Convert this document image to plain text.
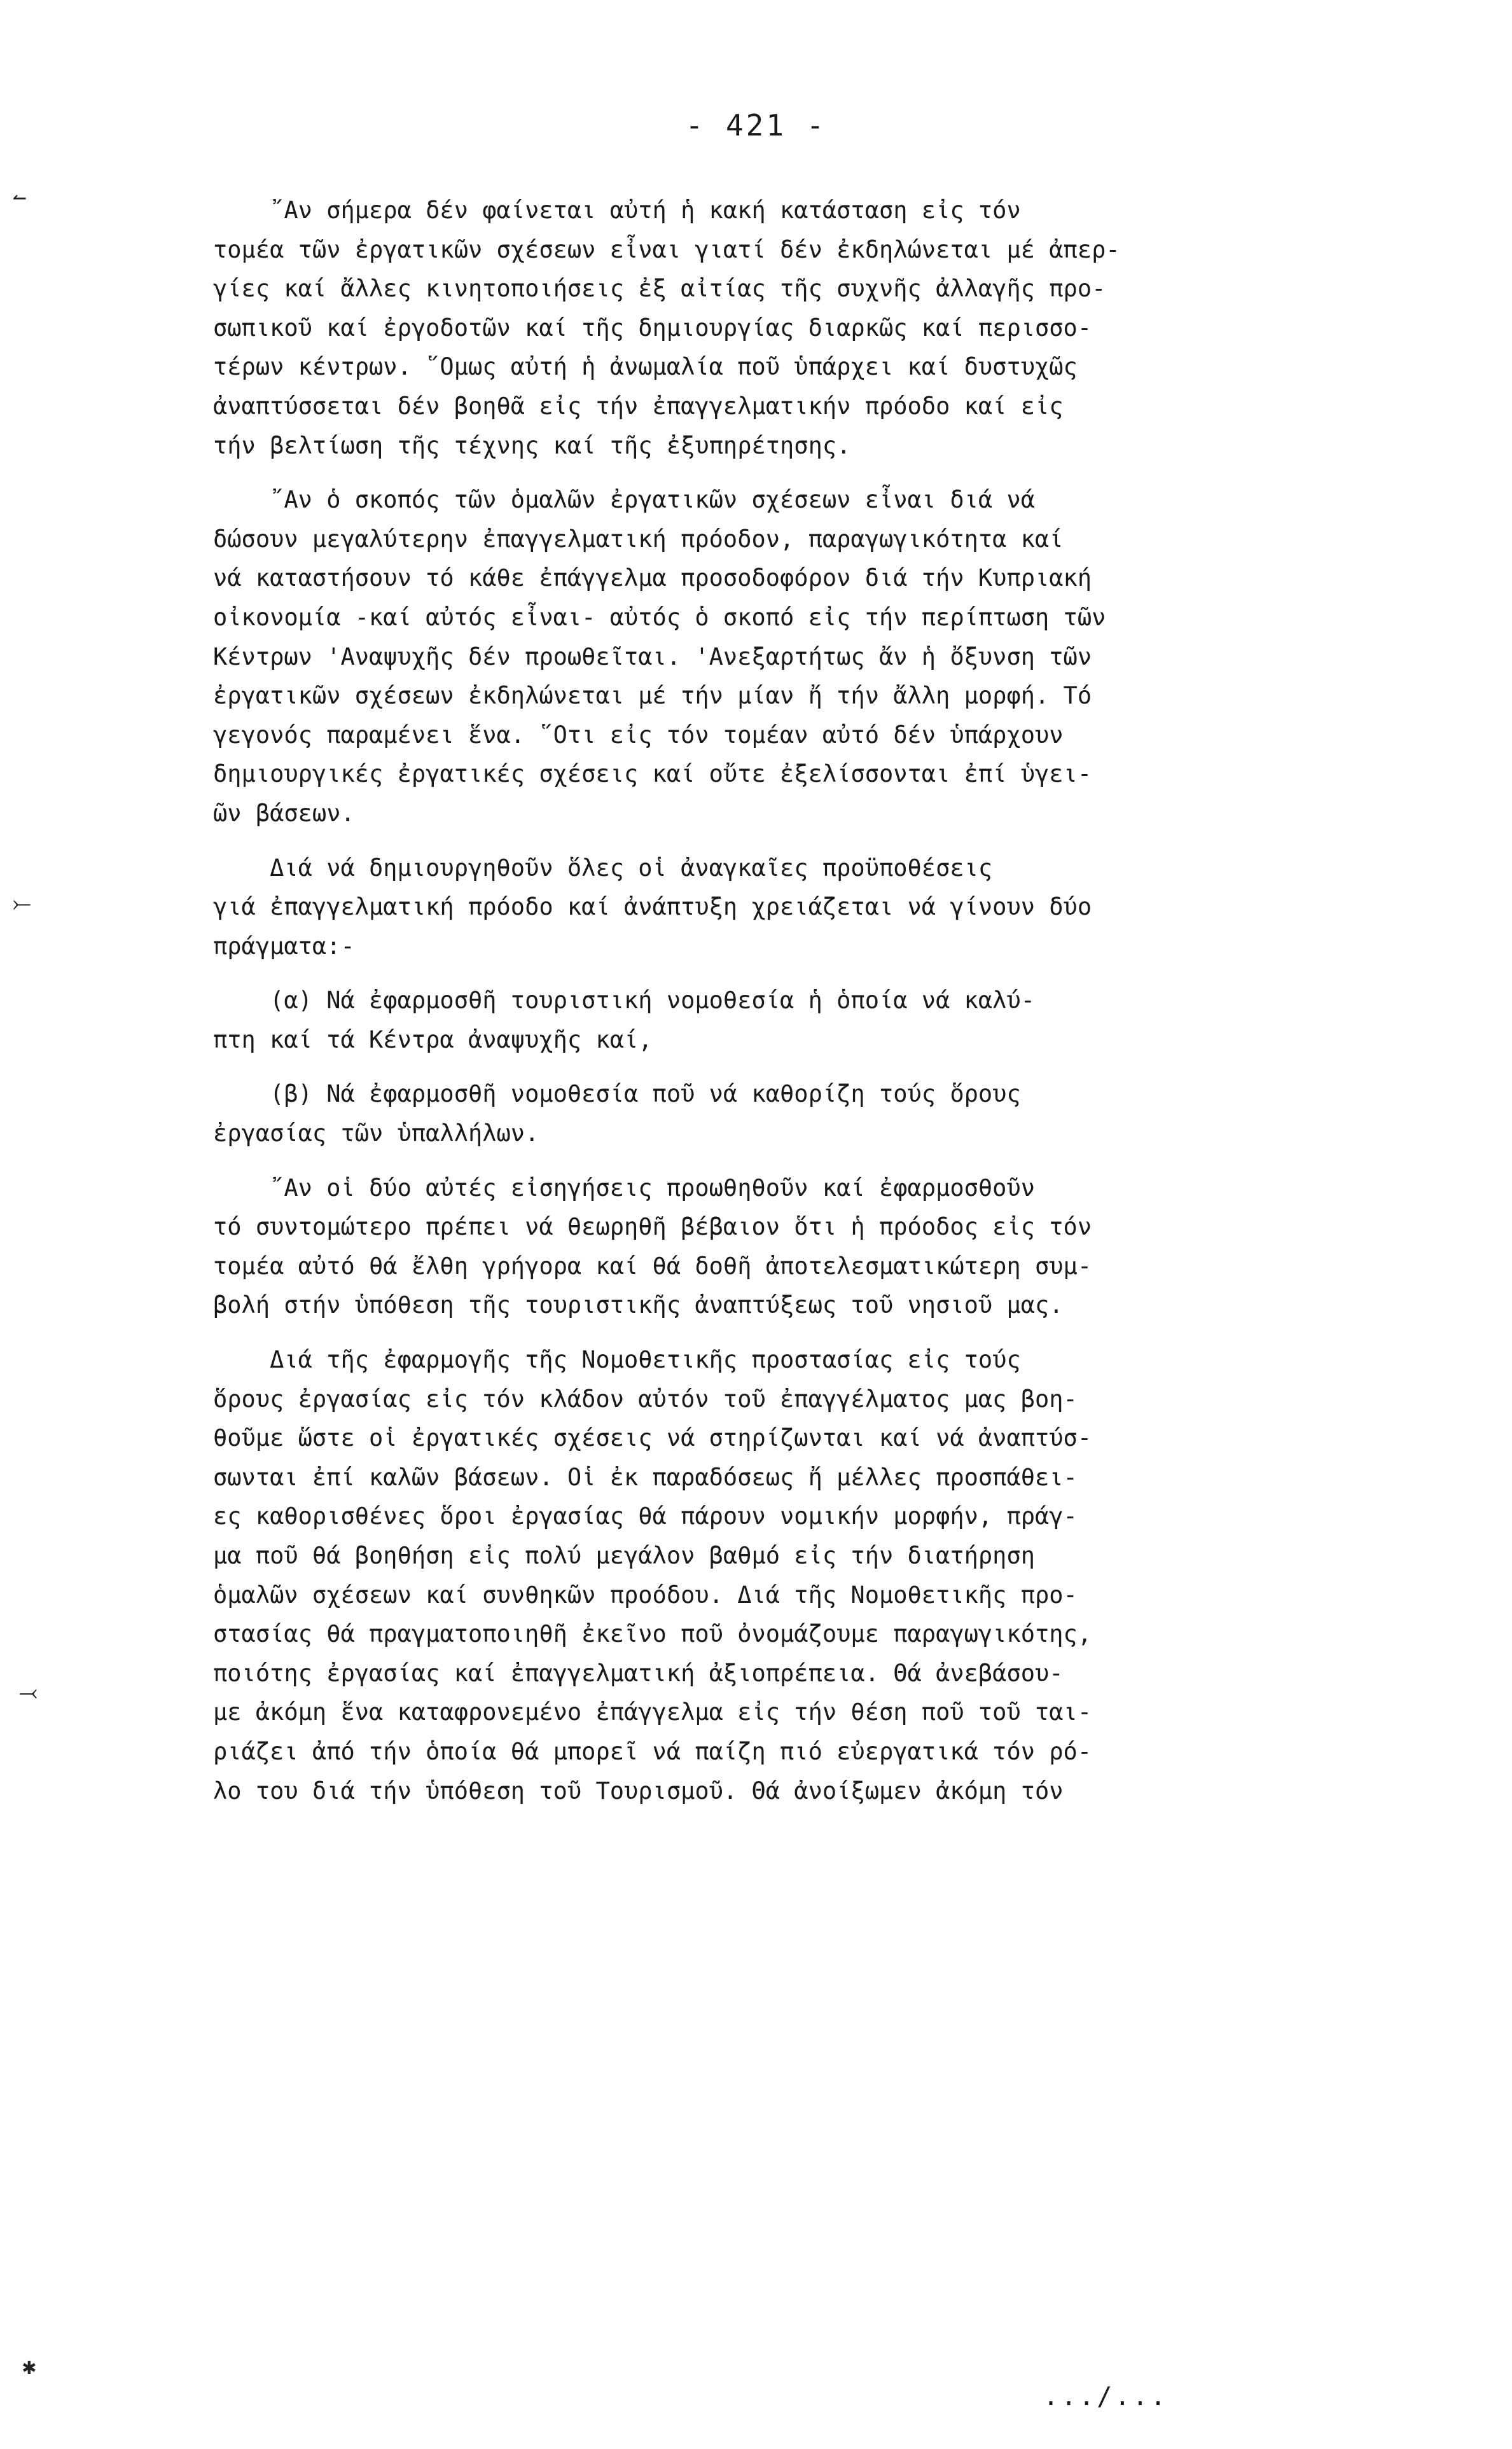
- 421 -
῎Αν σήμερα δέν φαίνεται αὐτή ἡ κακή κατάσταση εἰς τόν
τομέα τῶν ἐργατικῶν σχέσεων εἶναι γιατί δέν ἐκδηλώνεται μέ ἀπερ-
γίες καί ἄλλες κινητοποιήσεις ἐξ αἰτίας τῆς συχνῆς ἀλλαγῆς προ-
σωπικοῦ καί ἐργοδοτῶν καί τῆς δημιουργίας διαρκῶς καί περισσο-
τέρων κέντρων. ῞Ομως αὐτή ἡ ἀνωμαλία ποῦ ὑπάρχει καί δυστυχῶς
ἀναπτύσσεται δέν βοηθᾶ εἰς τήν ἐπαγγελματικήν πρόοδο καί εἰς
τήν βελτίωση τῆς τέχνης καί τῆς ἐξυπηρέτησης.
῎Αν ὁ σκοπός τῶν ὁμαλῶν ἐργατικῶν σχέσεων εἶναι διά νά
δώσουν μεγαλύτερην ἐπαγγελματική πρόοδον, παραγωγικότητα καί
νά καταστήσουν τό κάθε ἐπάγγελμα προσοδοφόρον διά τήν Κυπριακή
οἰκονομία -καί αὐτός εἶναι- αὐτός ὁ σκοπό εἰς τήν περίπτωση τῶν
Κέντρων 'Αναψυχῆς δέν προωθεῖται. 'Ανεξαρτήτως ἄν ἡ ὄξυνση τῶν
ἐργατικῶν σχέσεων ἐκδηλώνεται μέ τήν μίαν ἤ τήν ἄλλη μορφή. Τό
γεγονός παραμένει ἕνα. ῞Οτι εἰς τόν τομέαν αὐτό δέν ὑπάρχουν
δημιουργικές ἐργατικές σχέσεις καί οὔτε ἐξελίσσονται ἐπί ὑγει-
ῶν βάσεων.
Διά νά δημιουργηθοῦν ὅλες οἱ ἀναγκαῖες προϋποθέσεις
γιά ἐπαγγελματική πρόοδο καί ἀνάπτυξη χρειάζεται νά γίνουν δύο
πράγματα:-
(α) Νά ἐφαρμοσθῆ τουριστική νομοθεσία ἡ ὁποία νά καλύ-
πτη καί τά Κέντρα ἀναψυχῆς καί,
(β) Νά ἐφαρμοσθῆ νομοθεσία ποῦ νά καθορίζη τούς ὅρους
ἐργασίας τῶν ὑπαλλήλων.
῎Αν οἱ δύο αὐτές εἰσηγήσεις προωθηθοῦν καί ἐφαρμοσθοῦν
τό συντομώτερο πρέπει νά θεωρηθῆ βέβαιον ὅτι ἡ πρόοδος εἰς τόν
τομέα αὐτό θά ἔλθη γρήγορα καί θά δοθῆ ἀποτελεσματικώτερη συμ-
βολή στήν ὑπόθεση τῆς τουριστικῆς ἀναπτύξεως τοῦ νησιοῦ μας.
Διά τῆς ἐφαρμογῆς τῆς Νομοθετικῆς προστασίας εἰς τούς
ὅρους ἐργασίας εἰς τόν κλάδον αὐτόν τοῦ ἐπαγγέλματος μας βοη-
θοῦμε ὥστε οἱ ἐργατικές σχέσεις νά στηρίζωνται καί νά ἀναπτύσ-
σωνται ἐπί καλῶν βάσεων. Οἱ ἐκ παραδόσεως ἤ μέλλες προσπάθει-
ες καθορισθένες ὅροι ἐργασίας θά πάρουν νομικήν μορφήν, πράγ-
μα ποῦ θά βοηθήση εἰς πολύ μεγάλον βαθμό εἰς τήν διατήρηση
ὁμαλῶν σχέσεων καί συνθηκῶν προόδου. Διά τῆς Νομοθετικῆς προ-
στασίας θά πραγματοποιηθῆ ἐκεῖνο ποῦ ὀνομάζουμε παραγωγικότης,
ποιότης ἐργασίας καί ἐπαγγελματική ἀξιοπρέπεια. Θά ἀνεβάσου-
με ἀκόμη ἕνα καταφρονεμένο ἐπάγγελμα εἰς τήν θέση ποῦ τοῦ ται-
ριάζει ἀπό τήν ὁποία θά μπορεῖ νά παίζη πιό εὐεργατικά τόν ρό-
λο του διά τήν ὑπόθεση τοῦ Τουρισμοῦ. Θά ἀνοίξωμεν ἀκόμη τόν
.../...
↼
⤚
⤙
✱
